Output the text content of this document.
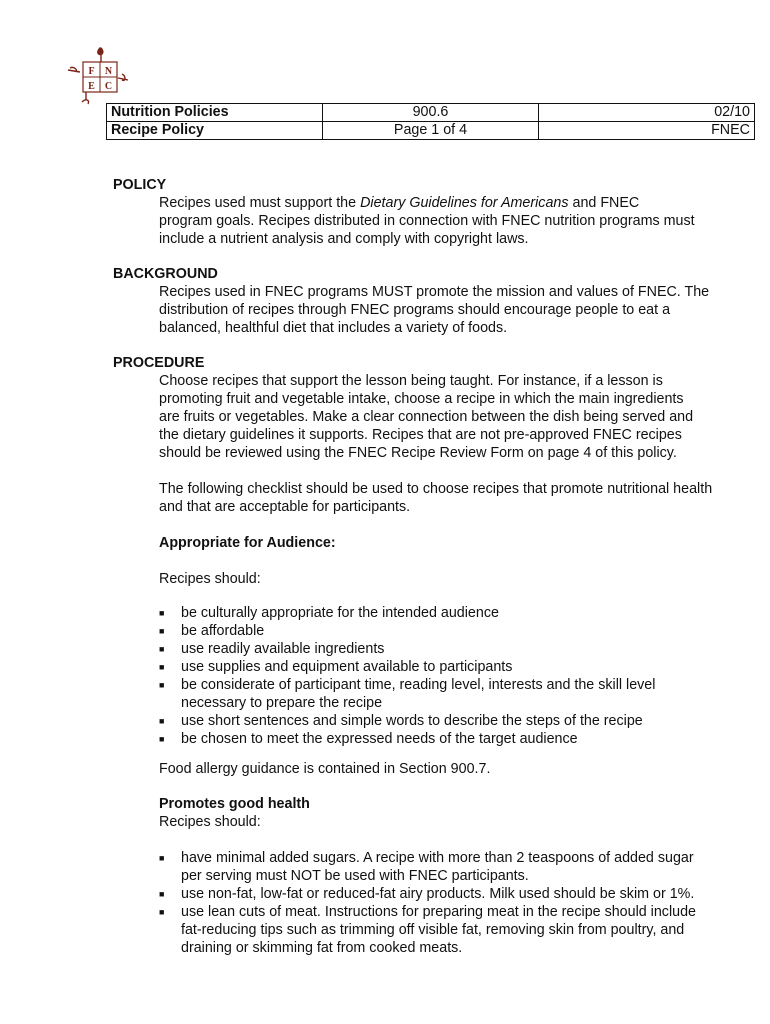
F N
E C
Nutrition Policies	900.6	02/10
Recipe Policy	Page 1 of 4	FNEC
POLICY
Recipes used must support the Dietary Guidelines for Americans and FNEC
program goals. Recipes distributed in connection with FNEC nutrition programs must
include a nutrient analysis and comply with copyright laws.
BACKGROUND
Recipes used in FNEC programs MUST promote the mission and values of FNEC. The
distribution of recipes through FNEC programs should encourage people to eat a
balanced, healthful diet that includes a variety of foods.
PROCEDURE
Choose recipes that support the lesson being taught. For instance, if a lesson is
promoting fruit and vegetable intake, choose a recipe in which the main ingredients
are fruits or vegetables. Make a clear connection between the dish being served and
the dietary guidelines it supports. Recipes that are not pre-approved FNEC recipes
should be reviewed using the FNEC Recipe Review Form on page 4 of this policy.
The following checklist should be used to choose recipes that promote nutritional health
and that are acceptable for participants.
Appropriate for Audience:
Recipes should:
■ be culturally appropriate for the intended audience
■ be affordable
■ use readily available ingredients
■ use supplies and equipment available to participants
■ be considerate of participant time, reading level, interests and the skill level
necessary to prepare the recipe
■ use short sentences and simple words to describe the steps of the recipe
■ be chosen to meet the expressed needs of the target audience
Food allergy guidance is contained in Section 900.7.
Promotes good health
Recipes should:
■ have minimal added sugars. A recipe with more than 2 teaspoons of added sugar
per serving must NOT be used with FNEC participants.
■ use non-fat, low-fat or reduced-fat airy products. Milk used should be skim or 1%.
■ use lean cuts of meat. Instructions for preparing meat in the recipe should include
fat-reducing tips such as trimming off visible fat, removing skin from poultry, and
draining or skimming fat from cooked meats.
